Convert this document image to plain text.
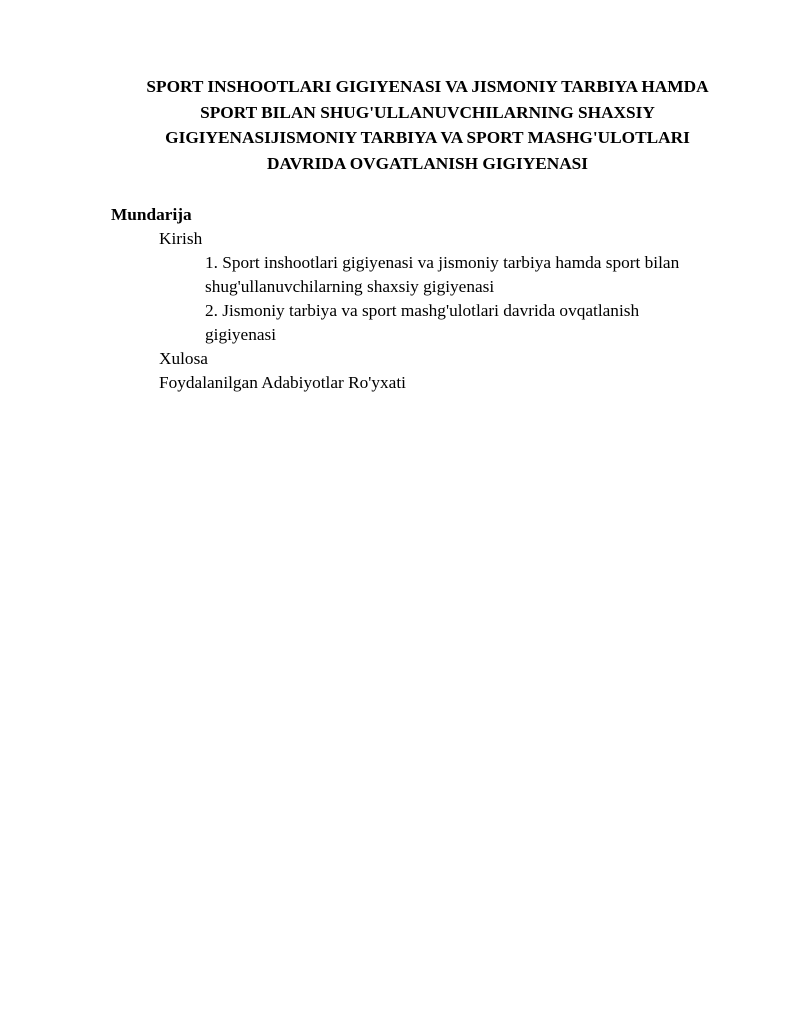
SPORT INSHOOTLARI GIGIYENASI VA JISMONIY TARBIYA HAMDA
SPORT BILAN SHUG'ULLANUVCHILARNING SHAXSIY
GIGIYENASIJISMONIY TARBIYA VA SPORT MASHG'ULOTLARI
DAVRIDA OVGATLANISH GIGIYENASI
Mundarija
Kirish
1. Sport inshootlari gigiyenasi va jismoniy tarbiya hamda sport bilan
shug'ullanuvchilarning shaxsiy gigiyenasi
2. Jismoniy tarbiya va sport mashg'ulotlari davrida ovqatlanish
gigiyenasi
Xulosa
Foydalanilgan Adabiyotlar Ro'yxati
